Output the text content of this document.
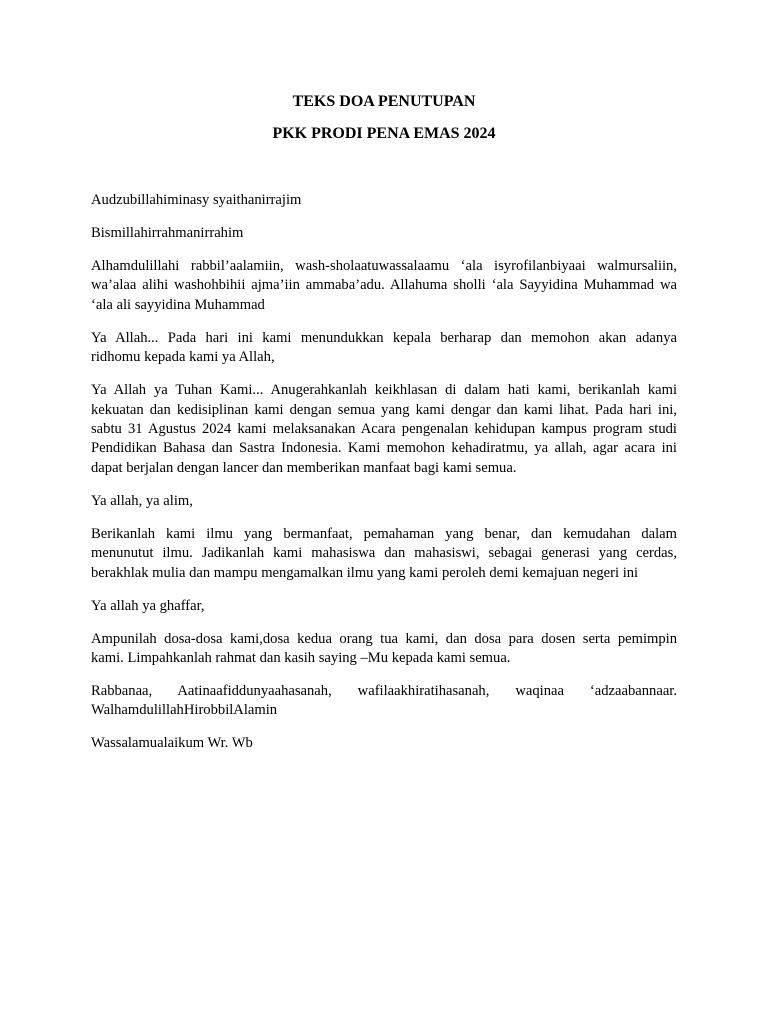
TEKS DOA PENUTUPAN
PKK PRODI PENA EMAS 2024

Audzubillahiminasy syaithanirrajim

Bismillahirrahmanirrahim

Alhamdulillahi rabbil’aalamiin, wash-sholaatuwassalaamu ‘ala isyrofilanbiyaai walmursaliin,
wa’alaa alihi washohbihii ajma’iin ammaba’adu. Allahuma sholli ‘ala Sayyidina Muhammad wa
‘ala ali sayyidina Muhammad

Ya Allah... Pada hari ini kami menundukkan kepala berharap dan memohon akan adanya
ridhomu kepada kami ya Allah,

Ya Allah ya Tuhan Kami... Anugerahkanlah keikhlasan di dalam hati kami, berikanlah kami
kekuatan dan kedisiplinan kami dengan semua yang kami dengar dan kami lihat. Pada hari ini,
sabtu 31 Agustus 2024 kami melaksanakan Acara pengenalan kehidupan kampus program studi
Pendidikan Bahasa dan Sastra Indonesia. Kami memohon kehadiratmu, ya allah, agar acara ini
dapat berjalan dengan lancer dan memberikan manfaat bagi kami semua.

Ya allah, ya alim,

Berikanlah kami ilmu yang bermanfaat, pemahaman yang benar, dan kemudahan dalam
menunutut ilmu. Jadikanlah kami mahasiswa dan mahasiswi, sebagai generasi yang cerdas,
berakhlak mulia dan mampu mengamalkan ilmu yang kami peroleh demi kemajuan negeri ini

Ya allah ya ghaffar,

Ampunilah dosa-dosa kami,dosa kedua orang tua kami, dan dosa para dosen serta pemimpin
kami. Limpahkanlah rahmat dan kasih saying –Mu kepada kami semua.

Rabbanaa, Aatinaafiddunyaahasanah, wafilaakhiratihasanah, waqinaa ‘adzaabannaar.
WalhamdulillahHirobbilAlamin

Wassalamualaikum Wr. Wb
